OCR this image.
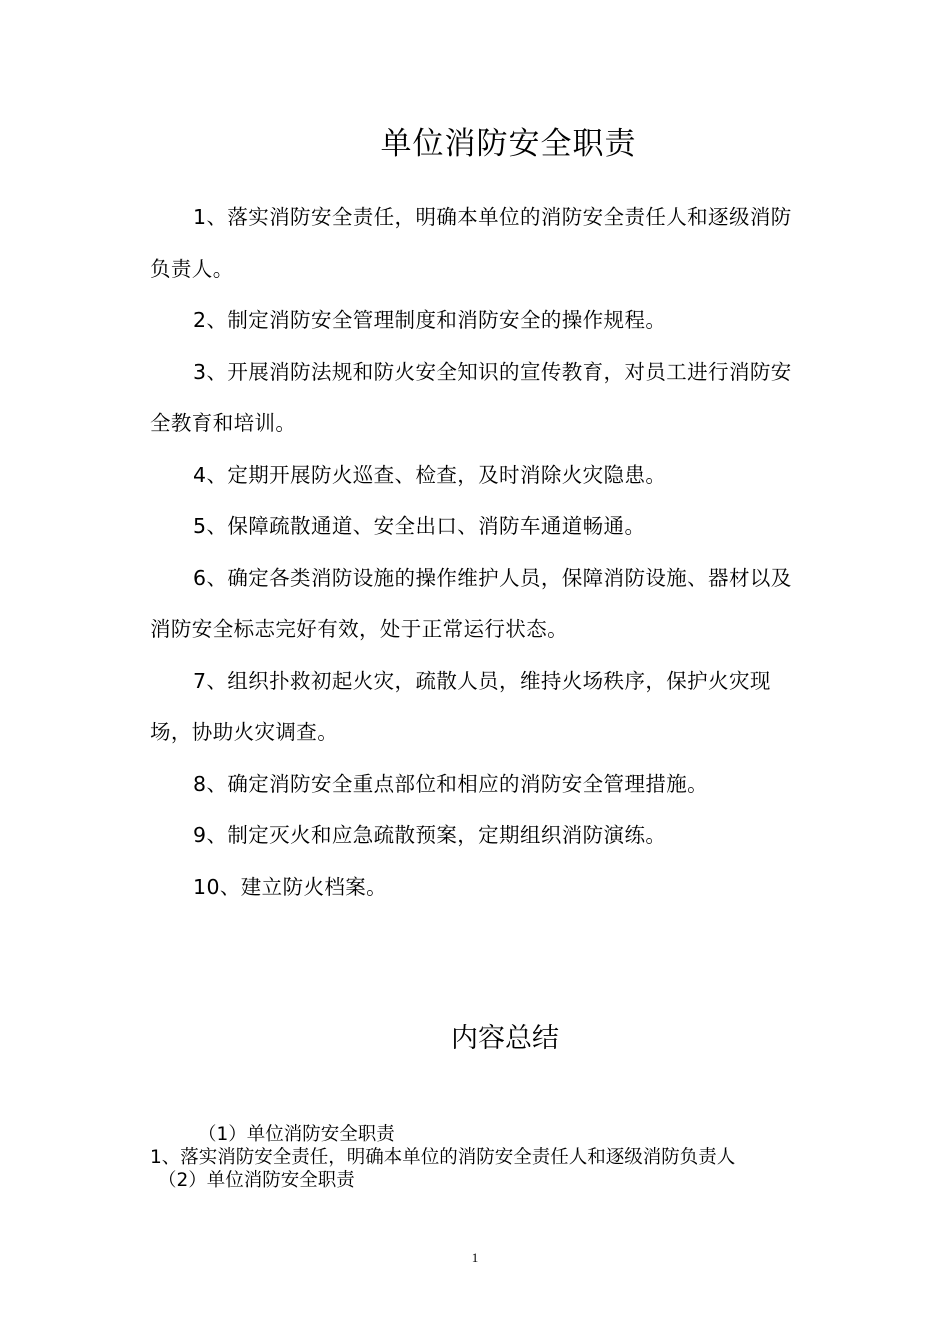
单位消防安全职责

1、落实消防安全责任，明确本单位的消防安全责任人和逐级消防负责人。

2、制定消防安全管理制度和消防安全的操作规程。

3、开展消防法规和防火安全知识的宣传教育，对员工进行消防安全教育和培训。

4、定期开展防火巡查、检查，及时消除火灾隐患。

5、保障疏散通道、安全出口、消防车通道畅通。

6、确定各类消防设施的操作维护人员，保障消防设施、器材以及消防安全标志完好有效，处于正常运行状态。

7、组织扑救初起火灾，疏散人员，维持火场秩序，保护火灾现场，协助火灾调查。

8、确定消防安全重点部位和相应的消防安全管理措施。

9、制定灭火和应急疏散预案，定期组织消防演练。

10、建立防火档案。

内容总结

（1）单位消防安全职责

1、落实消防安全责任，明确本单位的消防安全责任人和逐级消防负责人

（2）单位消防安全职责

1
